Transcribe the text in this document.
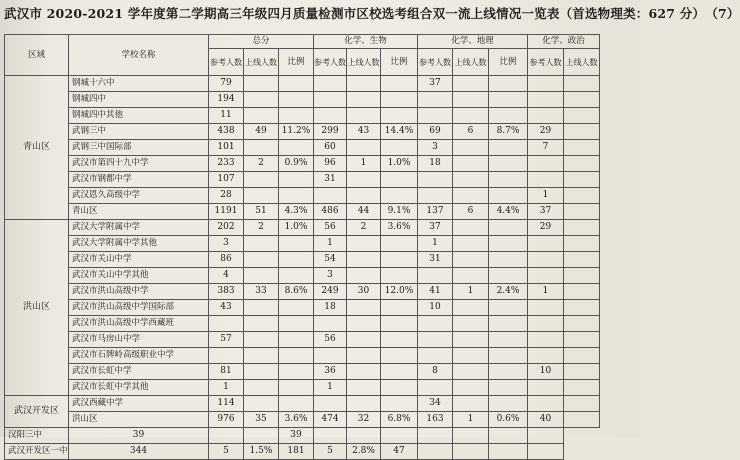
武汉市 2020-2021 学年度第二学期高三年级四月质量检测市区校选考组合双一流上线情况一览表（首选物理类：627 分）　（7）
区域	学校名称	总分			化学、生物			化学、地理			化学、政治	
		参考人数	上线人数	比例	参考人数	上线人数	比例	参考人数	上线人数	比例	参考人数	上线人数
青山区	钢城十六中	79						37				
	钢城四中	194										
	钢城四中其他	11										
	武钢三中	438	49	11.2%	299	43	14.4%	69	6	8.7%	29	
	武钢三中国际部	101			60			3			7	
	武汉市第四十九中学	233	2	0.9%	96	1	1.0%	18				
	武汉市钢都中学	107			31							
	武汉恩久高级中学	28									1	
	青山区	1191	51	4.3%	486	44	9.1%	137	6	4.4%	37	
洪山区	武汉大学附属中学	202	2	1.0%	56	2	3.6%	37			29	
	武汉大学附属中学其他	3			1			1				
	武汉市关山中学	86			54			31				
	武汉市关山中学其他	4			3							
	武汉市洪山高级中学	383	33	8.6%	249	30	12.0%	41	1	2.4%	1	
	武汉市洪山高级中学国际部	43			18			10				
	武汉市洪山高级中学西藏班											
	武汉市马房山中学	57			56							
	武汉市石牌岭高级职业中学											
	武汉市长虹中学	81			36			8			10	
	武汉市长虹中学其他	1			1							
武汉开发区	武汉西藏中学	114						34				
	洪山区	976	35	3.6%	474	32	6.8%	163	1	0.6%	40	
汉阳三中	39			39								
武汉开发区一中	344	5	1.5%	181	5	2.8%	47					
